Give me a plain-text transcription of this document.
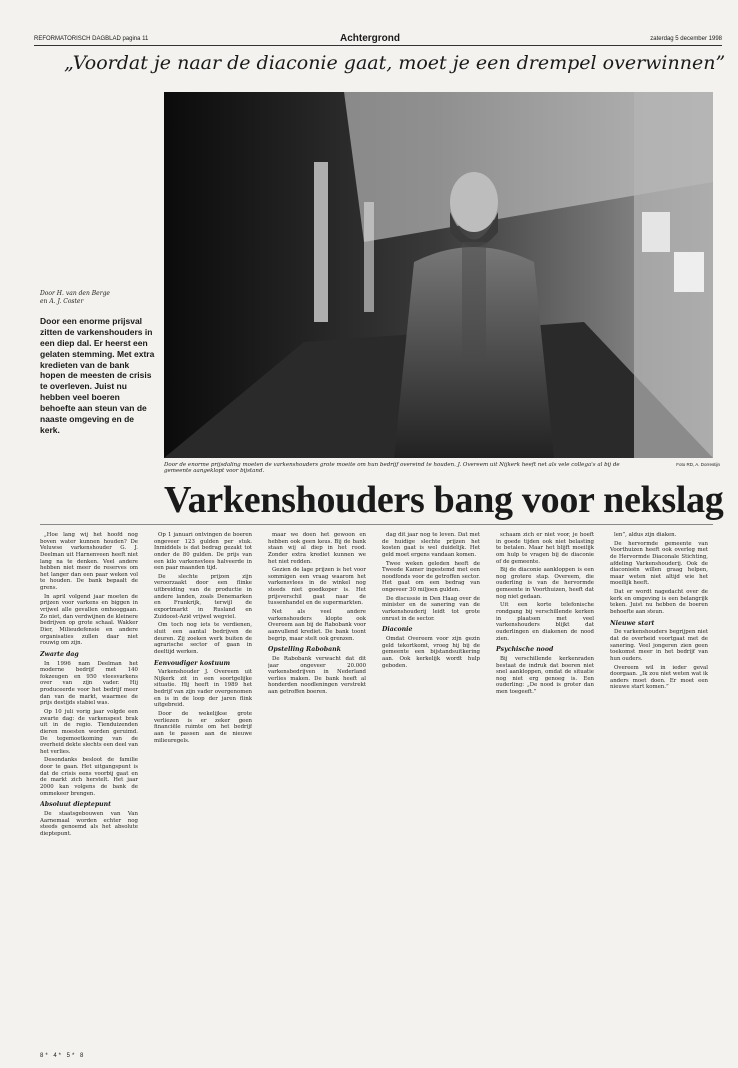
REFORMATORISCH DAGBLAD pagina 11	Achtergrond	zaterdag 5 december 1998
„Voordat je naar de diaconie gaat, moet je een drempel overwinnen”
Door H. van den Berge
en A. J. Coster
Door een enorme prijsval zitten de varkenshouders in een diep dal. Er heerst een gelaten stemming. Met extra kredieten van de bank hopen de meesten de crisis te overleven. Juist nu hebben veel boeren behoefte aan steun van de naaste omgeving en de kerk.
Door de enorme prijsdaling moeten de varkenshouders grote moeite om hun bedrijf overeind te houden. J. Overeem uit Nijkerk heeft net als vele collega's al bij de gemeente aangeklopt voor bijstand.
Foto RD, A. Dorrestijn
Varkenshouders bang voor nekslag

„Hoe lang wij het hoofd nog boven water kunnen houden? De Veluwse varkenshouder G. J. Deelman uit Harnenveen heeft niet lang na te denken. Veel andere hebben niet meer de reserves om het langer dan een paar weken vol te houden. De bank bepaalt de grens.

In april volgend jaar moeten de prijzen voor varkens en biggen in vrijwel alle gevallen omhooggaan. Zo niet, dan verdwijnen de kleinere bedrijven op grote schaal. Wakker Dier, Milieudefensie en andere organisaties zullen daar niet rouwig om zijn.

Zwarte dag

In 1996 nam Deelman het moderne bedrijf met 140 fokzeugen en 950 vleesvarkens over van zijn vader. Hij produceerde voor het bedrijf meer dan van de markt, waarmee de prijs destijds stabiel was.

Op 10 juli vorig jaar volgde een zwarte dag: de varkenspest brak uit in de regio. Tienduizenden dieren moesten worden geruimd. De tegemoetkoming van de overheid dekte slechts een deel van het verlies.

Desondanks besloot de familie door te gaan. Het uitgangspunt is dat de crisis eens voorbij gaat en de markt zich herstelt. Het jaar 2000 kan volgens de bank de ommekeer brengen.

Absoluut dieptepunt

De staatsgebouwen van Van Aarnemaal worden echter nog steeds genoemd als het absolute dieptepunt.

Op 1 januari ontvingen de boeren ongeveer 123 gulden per stuk. Inmiddels is dat bedrag gezakt tot onder de 80 gulden. De prijs van een kilo varkensvlees halveerde in een paar maanden tijd.

De slechte prijzen zijn veroorzaakt door een flinke uitbreiding van de productie in andere landen, zoals Denemarken en Frankrijk, terwijl de exportmarkt in Rusland en Zuidoost-Azië vrijwel wegviel.

Om toch nog iets te verdienen, sluit een aantal bedrijven de deuren. Zij zoeken werk buiten de agrarische sector of gaan in deeltijd werken.

Eenvoudiger kostuum

Varkenshouder J. Overeem uit Nijkerk zit in een soortgelijke situatie. Hij heeft in 1989 het bedrijf van zijn vader overgenomen en is in de loop der jaren flink uitgebreid.

Door de wekelijkse grote verliezen is er zeker geen financiële ruimte om het bedrijf aan te passen aan de nieuwe milieuregels.

maar we doen het gewoon en hebben ook geen keus. Bij de bank staan wij al diep in het rood. Zonder extra krediet kunnen we het niet redden.

Gezien de lage prijzen is het voor sommigen een vraag waarom het varkensvlees in de winkel nog steeds niet goedkoper is. Het prijsverschil gaat naar de tussenhandel en de supermarkten.

Net als veel andere varkenshouders klopte ook Overeem aan bij de Rabobank voor aanvullend krediet. De bank toont begrip, maar stelt ook grenzen.

Opstelling Rabobank

De Rabobank verwacht dat dit jaar ongeveer 20.000 varkensbedrijven in Nederland verlies maken. De bank heeft al honderden noodleningen verstrekt aan getroffen boeren.

dag dit jaar nog te leven. Dat met de huidige slechte prijzen het kosten gaat is wel duidelijk. Het geld moet ergens vandaan komen.

Twee weken geleden heeft de Tweede Kamer ingestemd met een noodfonds voor de getroffen sector. Het gaat om een bedrag van ongeveer 30 miljoen gulden.

De discussie in Den Haag over de minister en de sanering van de varkenshouderij leidt tot grote onrust in de sector.

Diaconie

Omdat Overeem voor zijn gezin geld tekortkomt, vroeg hij bij de gemeente een bijstandsuitkering aan. Ook kerkelijk wordt hulp geboden.

schaam zich er niet voor, je hoeft in goede tijden ook niet belasting te betalen. Maar het blijft moeilijk om hulp te vragen bij de diaconie of de gemeente.

Bij de diaconie aankloppen is een nog grotere stap. Overeem, die ouderling is van de hervormde gemeente in Voorthuizen, heeft dat nog niet gedaan.

Uit een korte telefonische rondgang bij verschillende kerken in plaatsen met veel varkenshouders blijkt dat ouderlingen en diakenen de nood zien.

Psychische nood

Bij verschillende kerkenraden bestaat de indruk dat boeren niet snel aankloppen, omdat de situatie nog niet erg genoeg is. Een ouderling: „De nood is groter dan men toegeeft.”

len”, aldus zijn diaken.

De hervormde gemeente van Voorthuizen heeft ook overleg met de Hervormde Diaconale Stichting, afdeling Varkenshouderij. Ook de diaconieën willen graag helpen, maar weten niet altijd wie het moeilijk heeft.

Dat er wordt nagedacht over de kerk en omgeving is een belangrijk teken. Juist nu hebben de boeren behoefte aan steun.

Nieuwe start

De varkenshouders begrijpen niet dat de overheid voortgaat met de sanering. Veel jongeren zien geen toekomst meer in het bedrijf van hun ouders.

Overeem wil in ieder geval doorgaan. „Ik zou niet weten wat ik anders moet doen. Er moet een nieuwe start komen.”

8* 4* 5* 8
